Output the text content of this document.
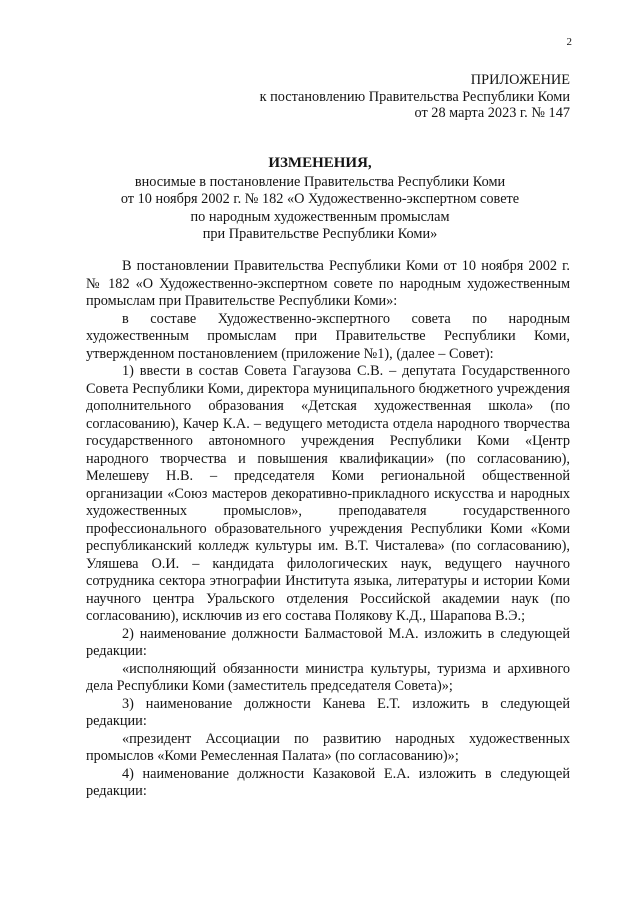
2
ПРИЛОЖЕНИЕ
к постановлению Правительства Республики Коми
от 28 марта 2023 г. № 147
ИЗМЕНЕНИЯ,
вносимые в постановление Правительства Республики Коми
от 10 ноября 2002 г. № 182 «О Художественно-экспертном совете
по народным художественным промыслам
при Правительстве Республики Коми»

В постановлении Правительства Республики Коми от 10 ноября 2002 г. № 182 «О Художественно-экспертном совете по народным художественным промыслам при Правительстве Республики Коми»:

в составе Художественно-экспертного совета по народным художественным промыслам при Правительстве Республики Коми, утвержденном постановлением (приложение №1), (далее – Совет):

1) ввести в состав Совета Гагаузова С.В. – депутата Государственного Совета Республики Коми, директора муниципального бюджетного учреждения дополнительного образования «Детская художественная школа» (по согласованию), Качер К.А. – ведущего методиста отдела народного творчества государственного автономного учреждения Республики Коми «Центр народного творчества и повышения квалификации» (по согласованию), Мелешеву Н.В. – председателя Коми региональной общественной организации «Союз мастеров декоративно-прикладного искусства и народных художественных промыслов», преподавателя государственного профессионального образовательного учреждения Республики Коми «Коми республиканский колледж культуры им. В.Т. Чисталева» (по согласованию), Уляшева О.И. – кандидата филологических наук, ведущего научного сотрудника сектора этнографии Института языка, литературы и истории Коми научного центра Уральского отделения Российской академии наук (по согласованию), исключив из его состава Полякову К.Д., Шарапова В.Э.;

2) наименование должности Балмастовой М.А. изложить в следующей редакции:

«исполняющий обязанности министра культуры, туризма и архивного дела Республики Коми (заместитель председателя Совета)»;

3) наименование должности Канева Е.Т. изложить в следующей редакции:

«президент Ассоциации по развитию народных художественных промыслов «Коми Ремесленная Палата» (по согласованию)»;

4) наименование должности Казаковой Е.А. изложить в следующей редакции:
